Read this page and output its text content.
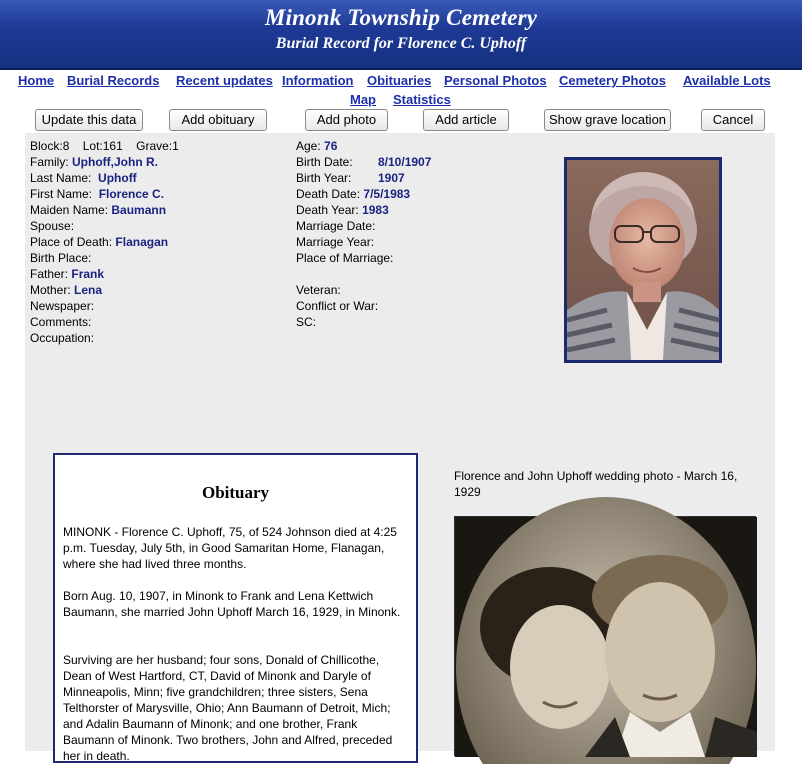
Minonk Township Cemetery
Burial Record for Florence C. Uphoff
Home Burial Records Recent updates Information Obituaries Personal Photos Cemetery Photos Available Lots
Map Statistics
Update this data	Add obituary	Add photo	Add article	Show grave location	Cancel
Block:8 Lot:161 Grave:1
Family: Uphoff,John R.
Last Name: Uphoff
First Name: Florence C.
Maiden Name: Baumann
Spouse:
Place of Death: Flanagan
Birth Place:
Father: Frank
Mother: Lena
Newspaper:
Comments:
Occupation:
Age: 76
Birth Date: 8/10/1907
Birth Year: 1907
Death Date: 7/5/1983
Death Year: 1983
Marriage Date:
Marriage Year:
Place of Marriage:
Veteran:
Conflict or War:
SC:
Obituary
MINONK - Florence C. Uphoff, 75, of 524 Johnson died at 4:25 p.m. Tuesday, July 5th, in Good Samaritan Home, Flanagan, where she had lived three months.
Born Aug. 10, 1907, in Minonk to Frank and Lena Kettwich Baumann, she married John Uphoff March 16, 1929, in Minonk.
Surviving are her husband; four sons, Donald of Chillicothe, Dean of West Hartford, CT, David of Minonk and Daryle of Minneapolis, Minn; five grandchildren; three sisters, Sena Telthorster of Marysville, Ohio; Ann Baumann of Detroit, Mich; and Adalin Baumann of Minonk; and one brother, Frank Baumann of Minonk. Two brothers, John and Alfred, preceded her in death.
Florence and John Uphoff wedding photo - March 16, 1929
